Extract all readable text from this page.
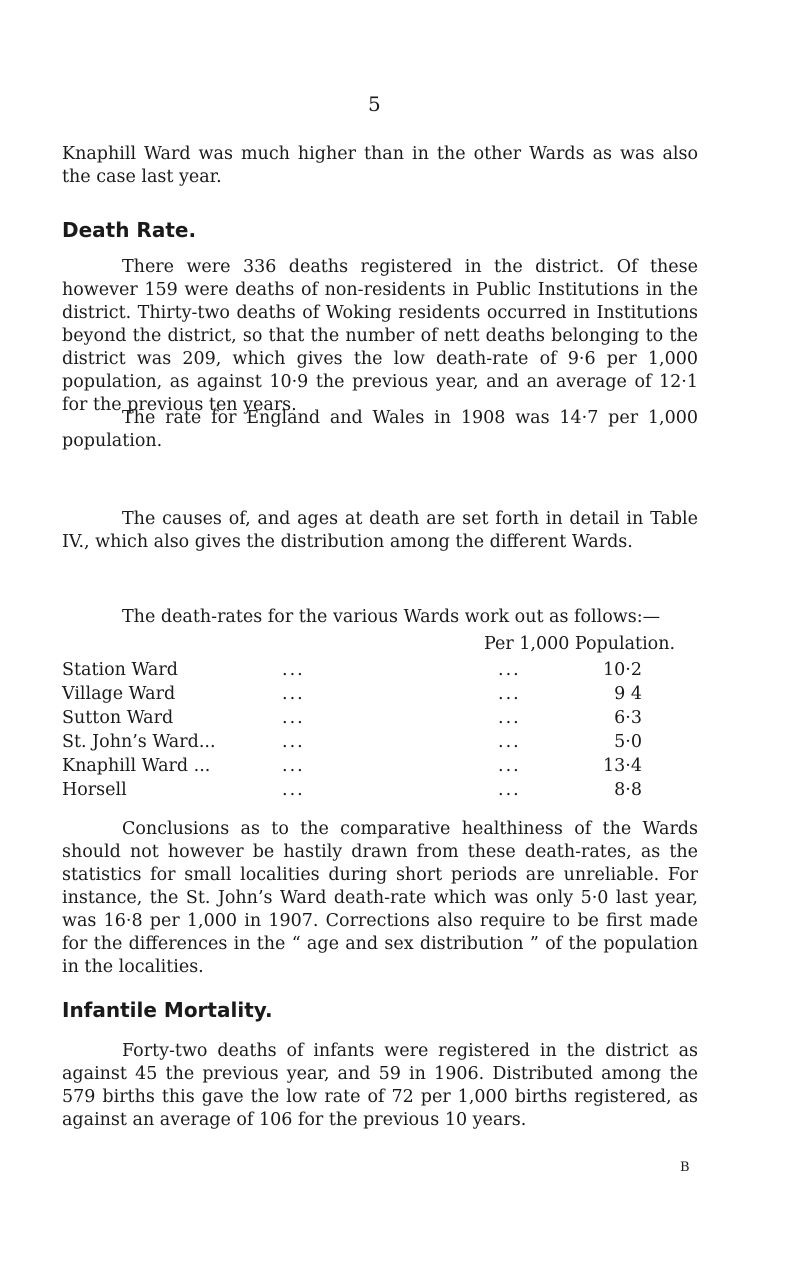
5

Knaphill Ward was much higher than in the other Wards as was also the case last year.

Death Rate.

There were 336 deaths registered in the district. Of these however 159 were deaths of non-residents in Public Institutions in the district. Thirty-two deaths of Woking residents occurred in Institutions beyond the district, so that the number of nett deaths belonging to the district was 209, which gives the low death-rate of 9·6 per 1,000 population, as against 10·9 the previous year, and an average of 12·1 for the previous ten years.

The rate for England and Wales in 1908 was 14·7 per 1,000 population.

The causes of, and ages at death are set forth in detail in Table IV., which also gives the distribution among the different Wards.

The death-rates for the various Wards work out as follows:—

Per 1,000 Population.
Station Ward	...	...	10·2
Village Ward	...	...	9 4
Sutton Ward	...	...	6·3
St. John’s Ward...	...	...	5·0
Knaphill Ward ...	...	...	13·4
Horsell	...	...	8·8

Conclusions as to the comparative healthiness of the Wards should not however be hastily drawn from these death-rates, as the statistics for small localities during short periods are unreliable. For instance, the St. John’s Ward death-rate which was only 5·0 last year, was 16·8 per 1,000 in 1907. Corrections also require to be first made for the differences in the “ age and sex distribution ” of the population in the localities.

Infantile Mortality.

Forty-two deaths of infants were registered in the district as against 45 the previous year, and 59 in 1906. Distributed among the 579 births this gave the low rate of 72 per 1,000 births registered, as against an average of 106 for the previous 10 years.

B
